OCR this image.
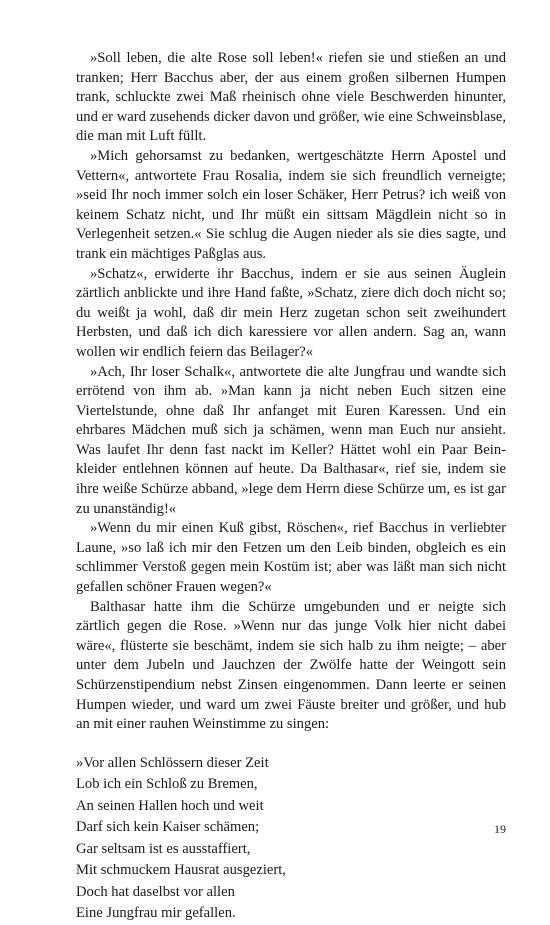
»Soll leben, die alte Rose soll leben!« riefen sie und stießen an und tranken; Herr Bacchus aber, der aus einem großen silbernen Humpen trank, schluckte zwei Maß rheinisch ohne viele Beschwerden hinunter, und er ward zusehends dicker davon und größer, wie eine Schweinsblase, die man mit Luft füllt.

»Mich gehorsamst zu bedanken, wertgeschätzte Herrn Apostel und Vettern«, antwortete Frau Rosalia, indem sie sich freundlich verneigte; »seid Ihr noch immer solch ein loser Schäker, Herr Petrus? ich weiß von keinem Schatz nicht, und Ihr müßt ein sittsam Mägdlein nicht so in Verlegenheit setzen.« Sie schlug die Augen nieder als sie dies sagte, und trank ein mächtiges Paßglas aus.

»Schatz«, erwiderte ihr Bacchus, indem er sie aus seinen Äuglein zärtlich anblickte und ihre Hand faßte, »Schatz, ziere dich doch nicht so; du weißt ja wohl, daß dir mein Herz zugetan schon seit zweihundert Herbsten, und daß ich dich karessiere vor allen andern. Sag an, wann wollen wir endlich feiern das Beilager?«

»Ach, Ihr loser Schalk«, antwortete die alte Jungfrau und wandte sich errötend von ihm ab. »Man kann ja nicht neben Euch sitzen eine Viertelstunde, ohne daß Ihr anfanget mit Euren Karessen. Und ein ehrbares Mädchen muß sich ja schämen, wenn man Euch nur ansieht. Was laufet Ihr denn fast nackt im Keller? Hättet wohl ein Paar Beinkleider entlehnen können auf heute. Da Balthasar«, rief sie, indem sie ihre weiße Schürze abband, »lege dem Herrn diese Schürze um, es ist gar zu unanständig!«

»Wenn du mir einen Kuß gibst, Röschen«, rief Bacchus in verliebter Laune, »so laß ich mir den Fetzen um den Leib binden, obgleich es ein schlimmer Verstoß gegen mein Kostüm ist; aber was läßt man sich nicht gefallen schöner Frauen wegen?«

Balthasar hatte ihm die Schürze umgebunden und er neigte sich zärtlich gegen die Rose. »Wenn nur das junge Volk hier nicht dabei wäre«, flüsterte sie beschämt, indem sie sich halb zu ihm neigte; – aber unter dem Jubeln und Jauchzen der Zwölfe hatte der Weingott sein Schürzenstipendium nebst Zinsen eingenommen. Dann leerte er seinen Humpen wieder, und ward um zwei Fäuste breiter und größer, und hub an mit einer rauhen Weinstimme zu singen:

»Vor allen Schlössern dieser Zeit
Lob ich ein Schloß zu Bremen,
An seinen Hallen hoch und weit
Darf sich kein Kaiser schämen;
Gar seltsam ist es ausstaffiert,
Mit schmuckem Hausrat ausgeziert,
Doch hat daselbst vor allen
Eine Jungfrau mir gefallen.
19
